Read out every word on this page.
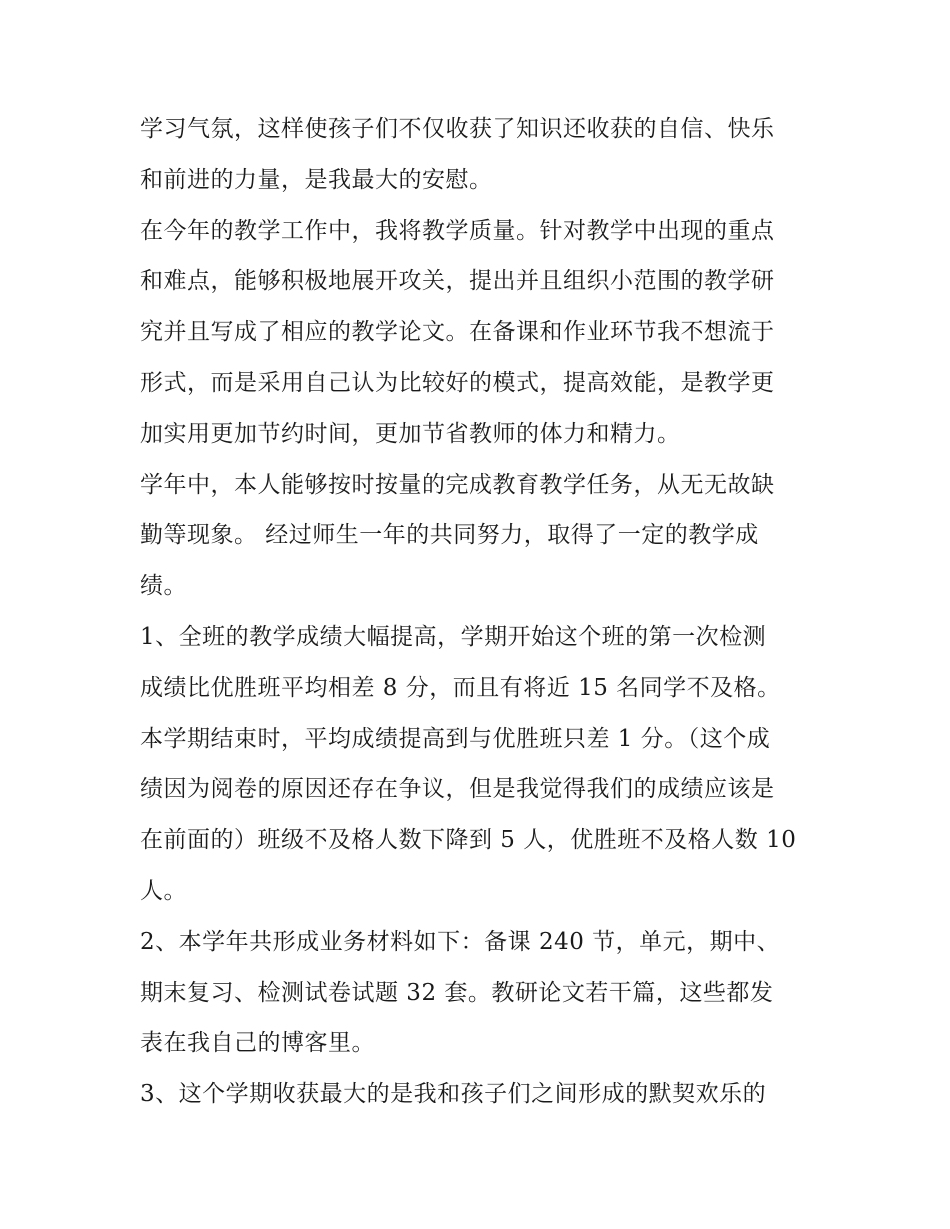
学习气氛，这样使孩子们不仅收获了知识还收获的自信、快乐
和前进的力量，是我最大的安慰。
在今年的教学工作中，我将教学质量。针对教学中出现的重点
和难点，能够积极地展开攻关，提出并且组织小范围的教学研
究并且写成了相应的教学论文。在备课和作业环节我不想流于
形式，而是采用自己认为比较好的模式，提高效能，是教学更
加实用更加节约时间，更加节省教师的体力和精力。
学年中，本人能够按时按量的完成教育教学任务，从无无故缺
勤等现象。 经过师生一年的共同努力，取得了一定的教学成
绩。
1、全班的教学成绩大幅提高，学期开始这个班的第一次检测
成绩比优胜班平均相差 8 分，而且有将近 15 名同学不及格。
本学期结束时，平均成绩提高到与优胜班只差 1 分。（这个成
绩因为阅卷的原因还存在争议，但是我觉得我们的成绩应该是
在前面的）班级不及格人数下降到 5 人，优胜班不及格人数 10
人。
2、本学年共形成业务材料如下：备课 240 节，单元，期中、
期末复习、检测试卷试题 32 套。教研论文若干篇，这些都发
表在我自己的博客里。
3、这个学期收获最大的是我和孩子们之间形成的默契欢乐的
